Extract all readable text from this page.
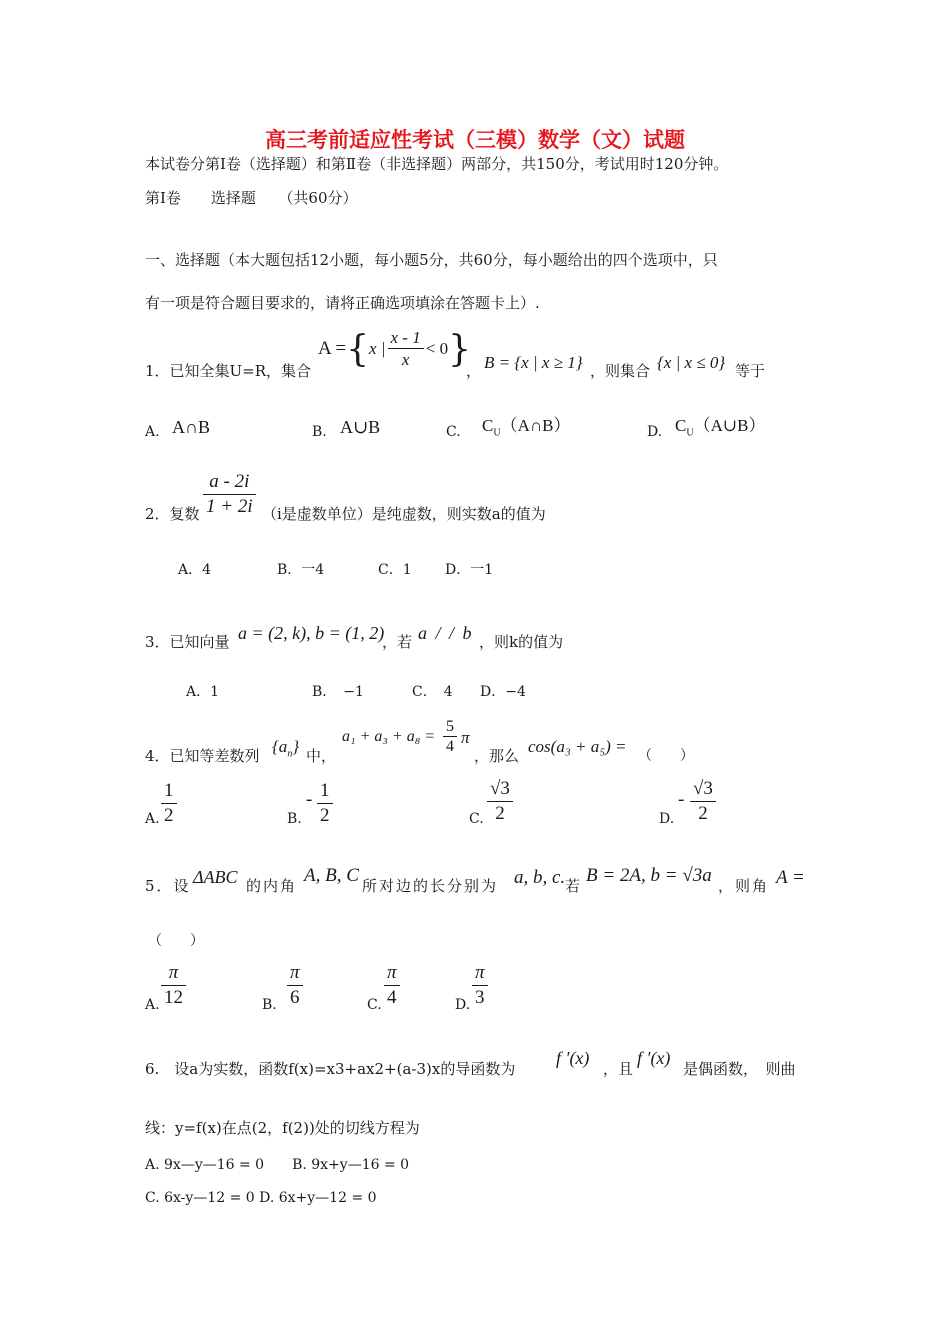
高三考前适应性考试（三模）数学（文）试题
本试卷分第Ⅰ卷（选择题）和第Ⅱ卷（非选择题）两部分，共150分，考试用时120分钟。
第Ⅰ卷　　选择题　　（共60分）
一、选择题（本大题包括12小题，每小题5分，共60分，每小题给出的四个选项中，只
有一项是符合题目要求的，请将正确选项填涂在答题卡上）.
1．已知全集U=R，集合
A = { x | $\frac{x - 1}{x} < 0$ }
， B = {x | x ≥ 1} ，则集合 {x | x ≤ 0} 等于
A. A∩B	B. A∪B	C. $C_U(A\cap B)$	D. $C_U(A\cup B)$
2．复数 $\frac{a - 2i}{1 + 2i} (i$是虚数单位）是纯虚数，则实数a的值为
A．4	B．一4	C．1 D．一1
3．已知向量 a = (2, k), b = (1, 2)
，若 a / / b ，则k的值为
A．1	B．　−1	C．　4 D．−4
4．已知等差数列 $\{a_n\}$ 中，
$a_1 + a_3 + a_8 = \frac{5}{4}$ π
，那么 cos(a₃ + a₅) = （　　）
A. $\frac{1}{2}$	B.
- $\frac{1}{2}$	C. $\frac{√3}{2}$	D.
- $\frac{√3}{2}$
5．设 ΔABC 的内角 A, B, C 所对边的长分别为 a, b, c. 若 B = 2A, b = √3a ，则角 A =
（　　）
A. $\frac{\pi}{12}$	B. $\frac{\pi}{6}$	C. $\frac{\pi}{4}$	D. $\frac{\pi}{3}$
6.　设a为实数，函数f(x)=x3+ax2+(a-3)x的导函数为
f ′(x)
，且
f ′(x)
是偶函数，　则曲
线：y=f(x)在点(2，f(2))处的切线方程为
A. 9x—y—16 = 0　　B. 9x+y—16 = 0
C. 6x-y—12 = 0 D. 6x+y—12 = 0
